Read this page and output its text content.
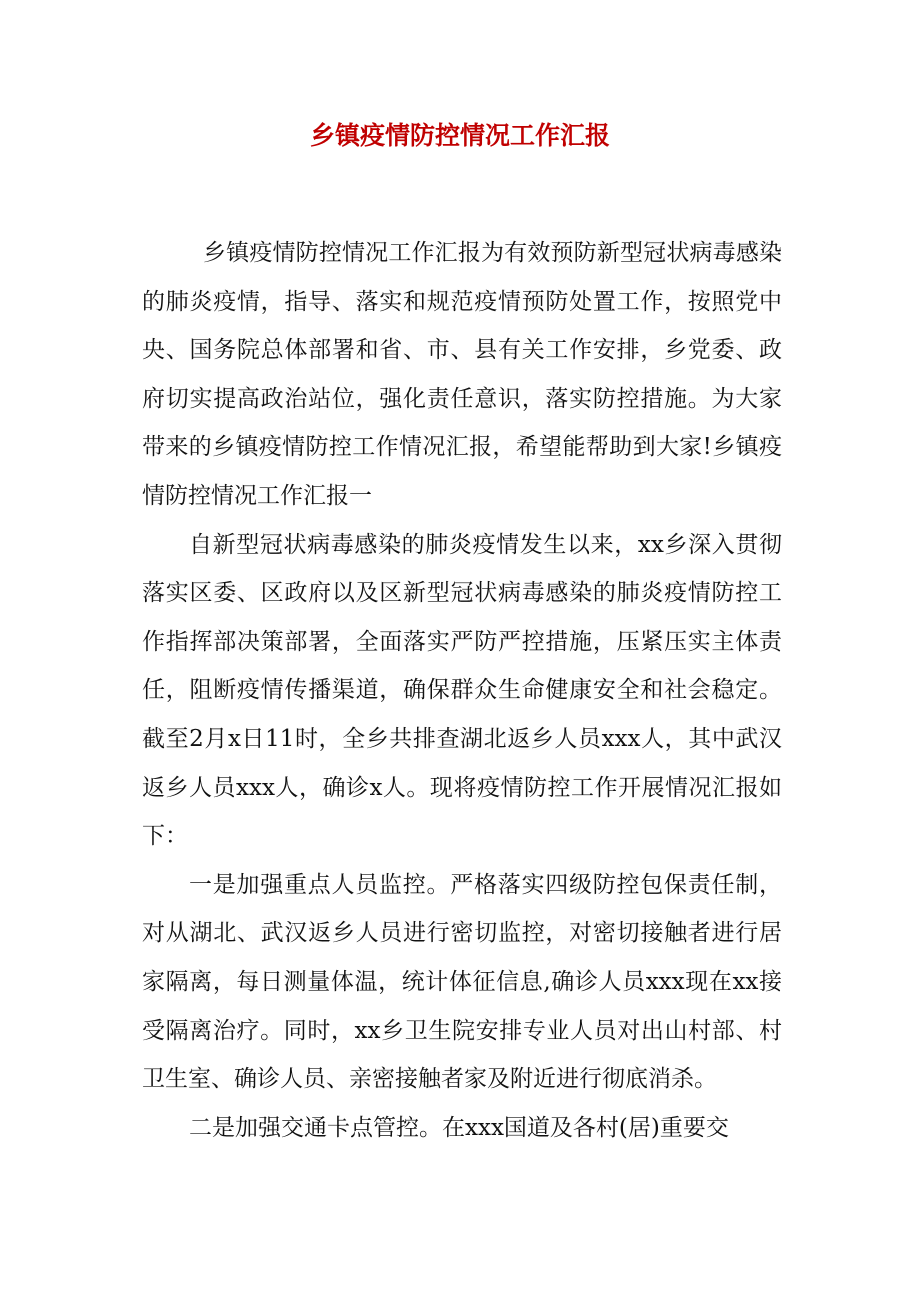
乡镇疫情防控情况工作汇报

乡镇疫情防控情况工作汇报为有效预防新型冠状病毒感染的肺炎疫情，指导、落实和规范疫情预防处置工作，按照党中央、国务院总体部署和省、市、县有关工作安排，乡党委、政府切实提高政治站位，强化责任意识，落实防控措施。为大家带来的乡镇疫情防控工作情况汇报，希望能帮助到大家!乡镇疫情防控情况工作汇报一

自新型冠状病毒感染的肺炎疫情发生以来，xx乡深入贯彻落实区委、区政府以及区新型冠状病毒感染的肺炎疫情防控工作指挥部决策部署，全面落实严防严控措施，压紧压实主体责任，阻断疫情传播渠道，确保群众生命健康安全和社会稳定。截至2月x日11时，全乡共排查湖北返乡人员xxx人，其中武汉返乡人员xxx人，确诊x人。现将疫情防控工作开展情况汇报如下：

一是加强重点人员监控。严格落实四级防控包保责任制，对从湖北、武汉返乡人员进行密切监控，对密切接触者进行居家隔离，每日测量体温，统计体征信息,确诊人员xxx现在xx接受隔离治疗。同时，xx乡卫生院安排专业人员对出山村部、村卫生室、确诊人员、亲密接触者家及附近进行彻底消杀。

二是加强交通卡点管控。在xxx国道及各村(居)重要交
